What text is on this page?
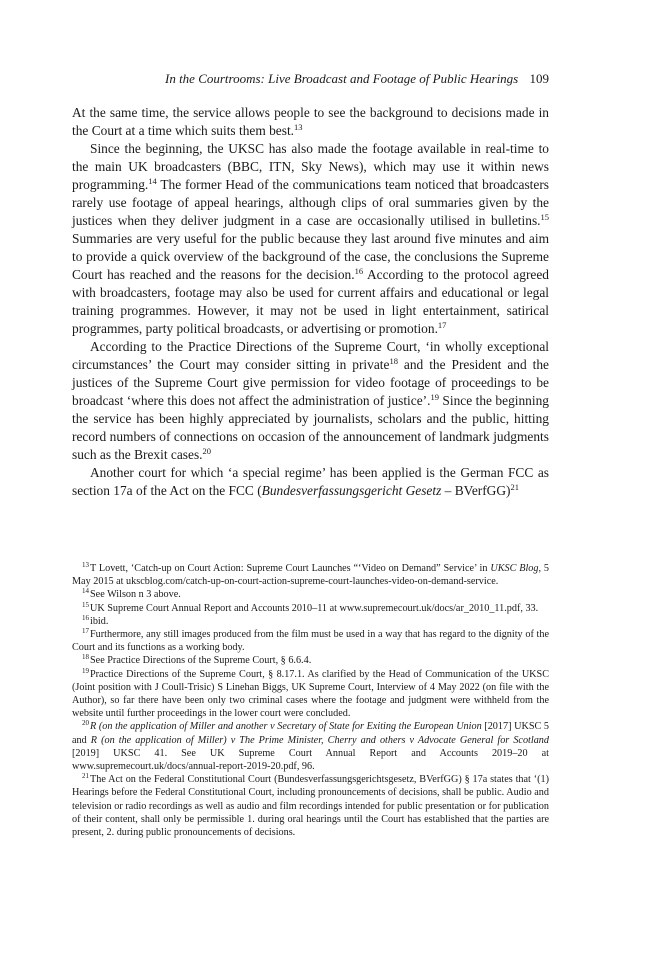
In the Courtrooms: Live Broadcast and Footage of Public Hearings 109

At the same time, the service allows people to see the background to decisions made in the Court at a time which suits them best.$^{13}$

Since the beginning, the UKSC has also made the footage available in real-time to the main UK broadcasters (BBC, ITN, Sky News), which may use it within news programming.$^{14}$ The former Head of the communications team noticed that broadcasters rarely use footage of appeal hearings, although clips of oral summaries given by the justices when they deliver judgment in a case are occasionally utilised in bulletins.$^{15}$ Summaries are very useful for the public because they last around five minutes and aim to provide a quick overview of the background of the case, the conclusions the Supreme Court has reached and the reasons for the decision.$^{16}$ According to the protocol agreed with broadcasters, footage may also be used for current affairs and educational or legal training programmes. However, it may not be used in light entertainment, satirical programmes, party political broadcasts, or advertising or promotion.$^{17}$

According to the Practice Directions of the Supreme Court, ‘in wholly exceptional circumstances’ the Court may consider sitting in private$^{18}$ and the President and the justices of the Supreme Court give permission for video footage of proceedings to be broadcast ‘where this does not affect the administration of justice’.$^{19}$ Since the beginning the service has been highly appreciated by journalists, scholars and the public, hitting record numbers of connections on occasion of the announcement of landmark judgments such as the Brexit cases.$^{20}$

Another court for which ‘a special regime’ has been applied is the German FCC as section 17a of the Act on the FCC (Bundesverfassungsgericht Gesetz – BVerfGG)$^{21}$

$^{13}$T Lovett, ‘Catch-up on Court Action: Supreme Court Launches “‘Video on Demand” Service’ in UKSC Blog, 5 May 2015 at ukscblog.com/catch-up-on-court-action-supreme-court-launches-video-on-demand-service.

$^{14}$See Wilson n 3 above.

$^{15}$UK Supreme Court Annual Report and Accounts 2010–11 at www.supremecourt.uk/docs/ar_2010_11.pdf, 33.

$^{16}$ibid.

$^{17}$Furthermore, any still images produced from the film must be used in a way that has regard to the dignity of the Court and its functions as a working body.

$^{18}$See Practice Directions of the Supreme Court, § 6.6.4.

$^{19}$Practice Directions of the Supreme Court, § 8.17.1. As clarified by the Head of Communication of the UKSC (Joint position with J Coull-Trisic) S Linehan Biggs, UK Supreme Court, Interview of 4 May 2022 (on file with the Author), so far there have been only two criminal cases where the footage and judgment were withheld from the website until further proceedings in the lower court were concluded.

$^{20}$R (on the application of Miller and another v Secretary of State for Exiting the European Union [2017] UKSC 5 and R (on the application of Miller) v The Prime Minister, Cherry and others v Advocate General for Scotland [2019] UKSC 41. See UK Supreme Court Annual Report and Accounts 2019–20 at www.supremecourt.uk/docs/annual-report-2019-20.pdf, 96.

$^{21}$The Act on the Federal Constitutional Court (Bundesverfassungsgerichtsgesetz, BVerfGG) § 17a states that ‘(1) Hearings before the Federal Constitutional Court, including pronouncements of decisions, shall be public. Audio and television or radio recordings as well as audio and film recordings intended for public presentation or for publication of their content, shall only be permissible 1. during oral hearings until the Court has established that the parties are present, 2. during public pronouncements of decisions.
